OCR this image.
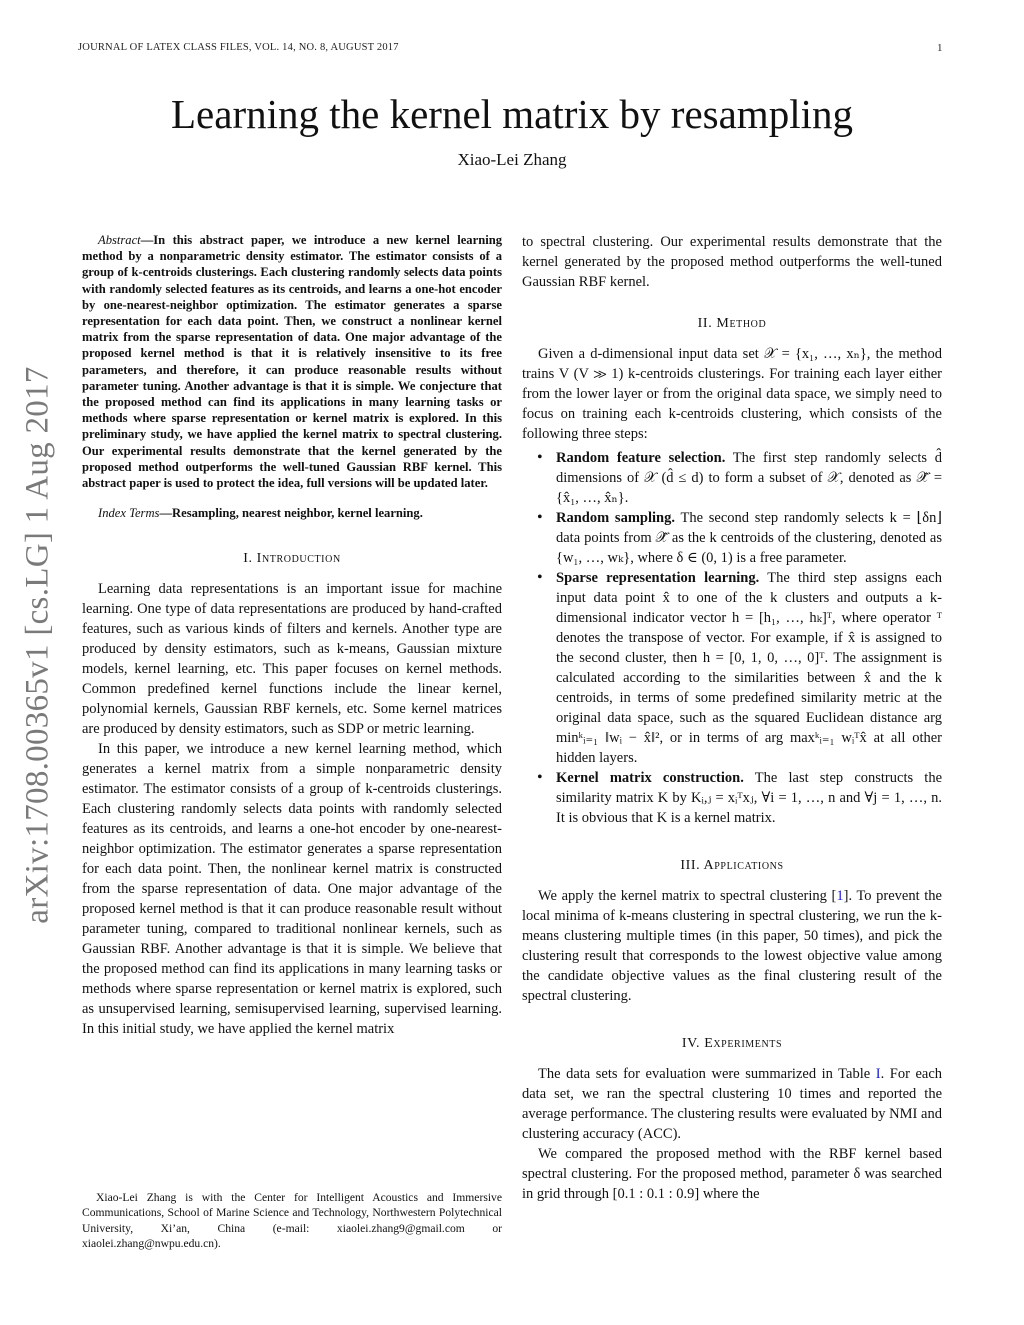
JOURNAL OF LATEX CLASS FILES, VOL. 14, NO. 8, AUGUST 2017	1
Learning the kernel matrix by resampling
Xiao-Lei Zhang
arXiv:1708.00365v1 [cs.LG] 1 Aug 2017

Abstract—In this abstract paper, we introduce a new kernel learning method by a nonparametric density estimator. The estimator consists of a group of k-centroids clusterings. Each clustering randomly selects data points with randomly selected features as its centroids, and learns a one-hot encoder by one-nearest-neighbor optimization. The estimator generates a sparse representation for each data point. Then, we construct a nonlinear kernel matrix from the sparse representation of data. One major advantage of the proposed kernel method is that it is relatively insensitive to its free parameters, and therefore, it can produce reasonable results without parameter tuning. Another advantage is that it is simple. We conjecture that the proposed method can find its applications in many learning tasks or methods where sparse representation or kernel matrix is explored. In this preliminary study, we have applied the kernel matrix to spectral clustering. Our experimental results demonstrate that the kernel generated by the proposed method outperforms the well-tuned Gaussian RBF kernel. This abstract paper is used to protect the idea, full versions will be updated later.

Index Terms—Resampling, nearest neighbor, kernel learning.

I. Introduction

Learning data representations is an important issue for machine learning. One type of data representations are produced by hand-crafted features, such as various kinds of filters and kernels. Another type are produced by density estimators, such as k-means, Gaussian mixture models, kernel learning, etc. This paper focuses on kernel methods. Common predefined kernel functions include the linear kernel, polynomial kernels, Gaussian RBF kernels, etc. Some kernel matrices are produced by density estimators, such as SDP or metric learning.

In this paper, we introduce a new kernel learning method, which generates a kernel matrix from a simple nonparametric density estimator. The estimator consists of a group of k-centroids clusterings. Each clustering randomly selects data points with randomly selected features as its centroids, and learns a one-hot encoder by one-nearest-neighbor optimization. The estimator generates a sparse representation for each data point. Then, the nonlinear kernel matrix is constructed from the sparse representation of data. One major advantage of the proposed kernel method is that it can produce reasonable result without parameter tuning, compared to traditional nonlinear kernels, such as Gaussian RBF. Another advantage is that it is simple. We believe that the proposed method can find its applications in many learning tasks or methods where sparse representation or kernel matrix is explored, such as unsupervised learning, semisupervised learning, supervised learning. In this initial study, we have applied the kernel matrix

to spectral clustering. Our experimental results demonstrate that the kernel generated by the proposed method outperforms the well-tuned Gaussian RBF kernel.

II. Method

Given a d-dimensional input data set 𝒳 = {x₁, …, xₙ}, the method trains V (V ≫ 1) k-centroids clusterings. For training each layer either from the lower layer or from the original data space, we simply need to focus on training each k-centroids clustering, which consists of the following three steps:

• Random feature selection. The first step randomly selects d̂ dimensions of 𝒳 (d̂ ≤ d) to form a subset of 𝒳, denoted as 𝒳̂ = {x̂₁, …, x̂ₙ}.
• Random sampling. The second step randomly selects k = ⌊δn⌋ data points from 𝒳̂ as the k centroids of the clustering, denoted as {w₁, …, wₖ}, where δ ∈ (0, 1) is a free parameter.
• Sparse representation learning. The third step assigns each input data point x̂ to one of the k clusters and outputs a k-dimensional indicator vector h = [h₁, …, hₖ]ᵀ, where operator ᵀ denotes the transpose of vector. For example, if x̂ is assigned to the second cluster, then h = [0, 1, 0, …, 0]ᵀ. The assignment is calculated according to the similarities between x̂ and the k centroids, in terms of some predefined similarity metric at the original data space, such as the squared Euclidean distance arg minᵏᵢ₌₁ ‖wᵢ − x̂‖², or in terms of arg maxᵏᵢ₌₁ wᵢᵀx̂ at all other hidden layers.
• Kernel matrix construction. The last step constructs the similarity matrix K by Kᵢ,ⱼ = xᵢᵀxⱼ, ∀i = 1, …, n and ∀j = 1, …, n. It is obvious that K is a kernel matrix.
III. Applications

We apply the kernel matrix to spectral clustering [1]. To prevent the local minima of k-means clustering in spectral clustering, we run the k-means clustering multiple times (in this paper, 50 times), and pick the clustering result that corresponds to the lowest objective value among the candidate objective values as the final clustering result of the spectral clustering.

IV. Experiments

The data sets for evaluation were summarized in Table I. For each data set, we ran the spectral clustering 10 times and reported the average performance. The clustering results were evaluated by NMI and clustering accuracy (ACC).

We compared the proposed method with the RBF kernel based spectral clustering. For the proposed method, parameter δ was searched in grid through [0.1 : 0.1 : 0.9] where the

Xiao-Lei Zhang is with the Center for Intelligent Acoustics and Immersive Communications, School of Marine Science and Technology, Northwestern Polytechnical University, Xi’an, China (e-mail: xiaolei.zhang9@gmail.com or xiaolei.zhang@nwpu.edu.cn).
